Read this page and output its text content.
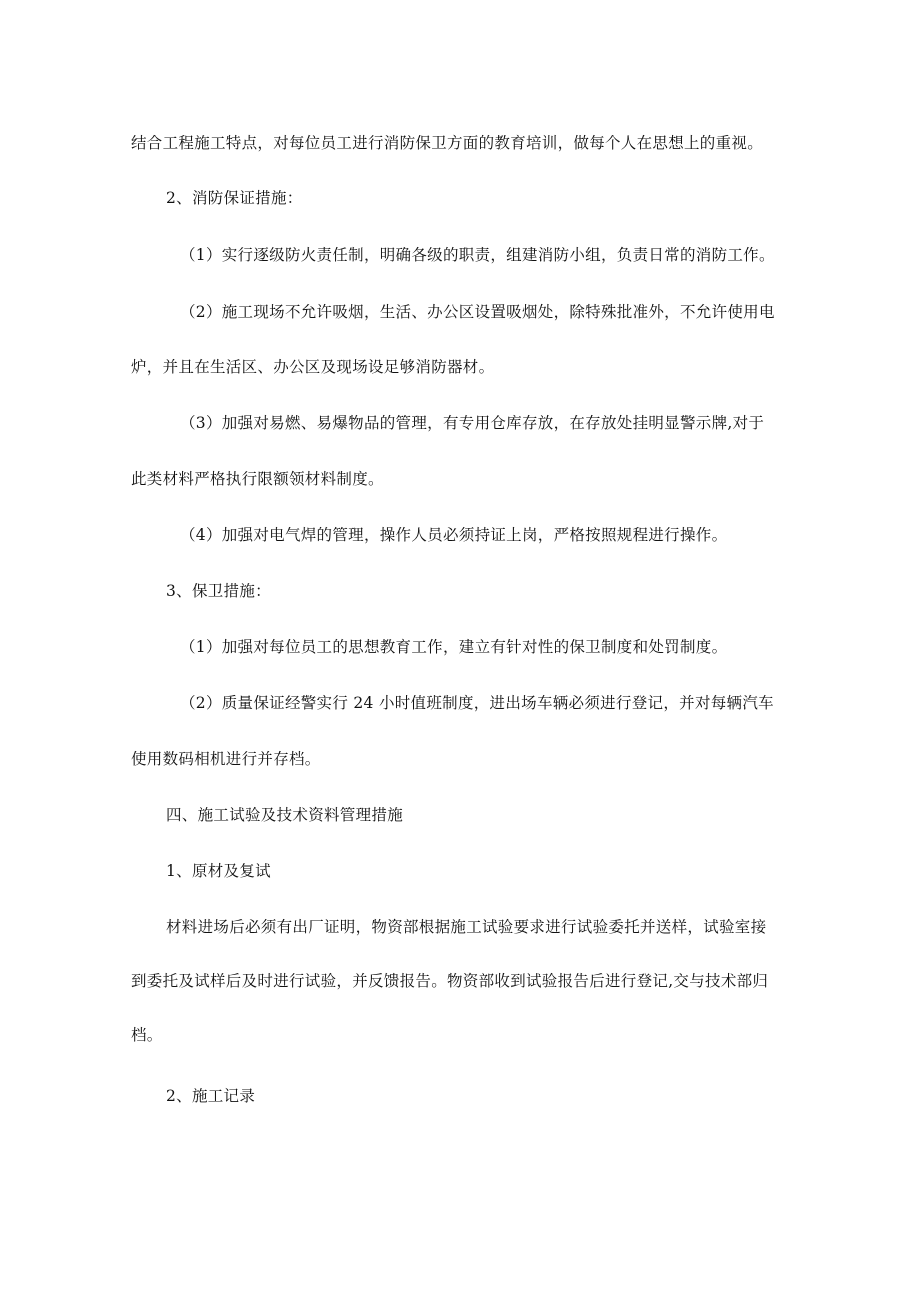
结合工程施工特点，对每位员工进行消防保卫方面的教育培训，做每个人在思想上的重视。
2、消防保证措施：
（1）实行逐级防火责任制，明确各级的职责，组建消防小组，负责日常的消防工作。
（2）施工现场不允许吸烟，生活、办公区设置吸烟处，除特殊批准外，不允许使用电
炉，并且在生活区、办公区及现场设足够消防器材。
（3）加强对易燃、易爆物品的管理，有专用仓库存放，在存放处挂明显警示牌,对于
此类材料严格执行限额领材料制度。
（4）加强对电气焊的管理，操作人员必须持证上岗，严格按照规程进行操作。
3、保卫措施：
（1）加强对每位员工的思想教育工作，建立有针对性的保卫制度和处罚制度。
（2）质量保证经警实行 24 小时值班制度，进出场车辆必须进行登记，并对每辆汽车
使用数码相机进行并存档。
四、施工试验及技术资料管理措施
1、原材及复试
材料进场后必须有出厂证明，物资部根据施工试验要求进行试验委托并送样，试验室接
到委托及试样后及时进行试验，并反馈报告。物资部收到试验报告后进行登记,交与技术部归
档。
2、施工记录
